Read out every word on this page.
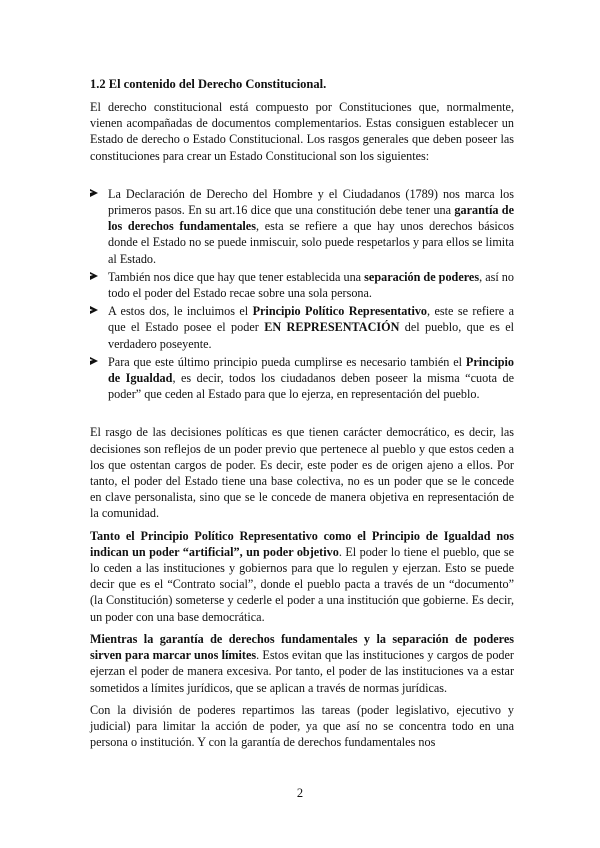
1.2 El contenido del Derecho Constitucional.

El derecho constitucional está compuesto por Constituciones que, normalmente, vienen acompañadas de documentos complementarios. Estas consiguen establecer un Estado de derecho o Estado Constitucional. Los rasgos generales que deben poseer las constituciones para crear un Estado Constitucional son los siguientes:

La Declaración de Derecho del Hombre y el Ciudadanos (1789) nos marca los primeros pasos. En su art.16 dice que una constitución debe tener una garantía de los derechos fundamentales, esta se refiere a que hay unos derechos básicos donde el Estado no se puede inmiscuir, solo puede respetarlos y para ellos se limita al Estado.
También nos dice que hay que tener establecida una separación de poderes, así no todo el poder del Estado recae sobre una sola persona.
A estos dos, le incluimos el Principio Político Representativo, este se refiere a que el Estado posee el poder EN REPRESENTACIÓN del pueblo, que es el verdadero poseyente.
Para que este último principio pueda cumplirse es necesario también el Principio de Igualdad, es decir, todos los ciudadanos deben poseer la misma “cuota de poder” que ceden al Estado para que lo ejerza, en representación del pueblo.

El rasgo de las decisiones políticas es que tienen carácter democrático, es decir, las decisiones son reflejos de un poder previo que pertenece al pueblo y que estos ceden a los que ostentan cargos de poder. Es decir, este poder es de origen ajeno a ellos. Por tanto, el poder del Estado tiene una base colectiva, no es un poder que se le concede en clave personalista, sino que se le concede de manera objetiva en representación de la comunidad.

Tanto el Principio Político Representativo como el Principio de Igualdad nos indican un poder “artificial”, un poder objetivo. El poder lo tiene el pueblo, que se lo ceden a las instituciones y gobiernos para que lo regulen y ejerzan. Esto se puede decir que es el “Contrato social”, donde el pueblo pacta a través de un “documento” (la Constitución) someterse y cederle el poder a una institución que gobierne. Es decir, un poder con una base democrática.

Mientras la garantía de derechos fundamentales y la separación de poderes sirven para marcar unos límites. Estos evitan que las instituciones y cargos de poder ejerzan el poder de manera excesiva. Por tanto, el poder de las instituciones va a estar sometidos a límites jurídicos, que se aplican a través de normas jurídicas.

Con la división de poderes repartimos las tareas (poder legislativo, ejecutivo y judicial) para limitar la acción de poder, ya que así no se concentra todo en una persona o institución. Y con la garantía de derechos fundamentales nos

2
